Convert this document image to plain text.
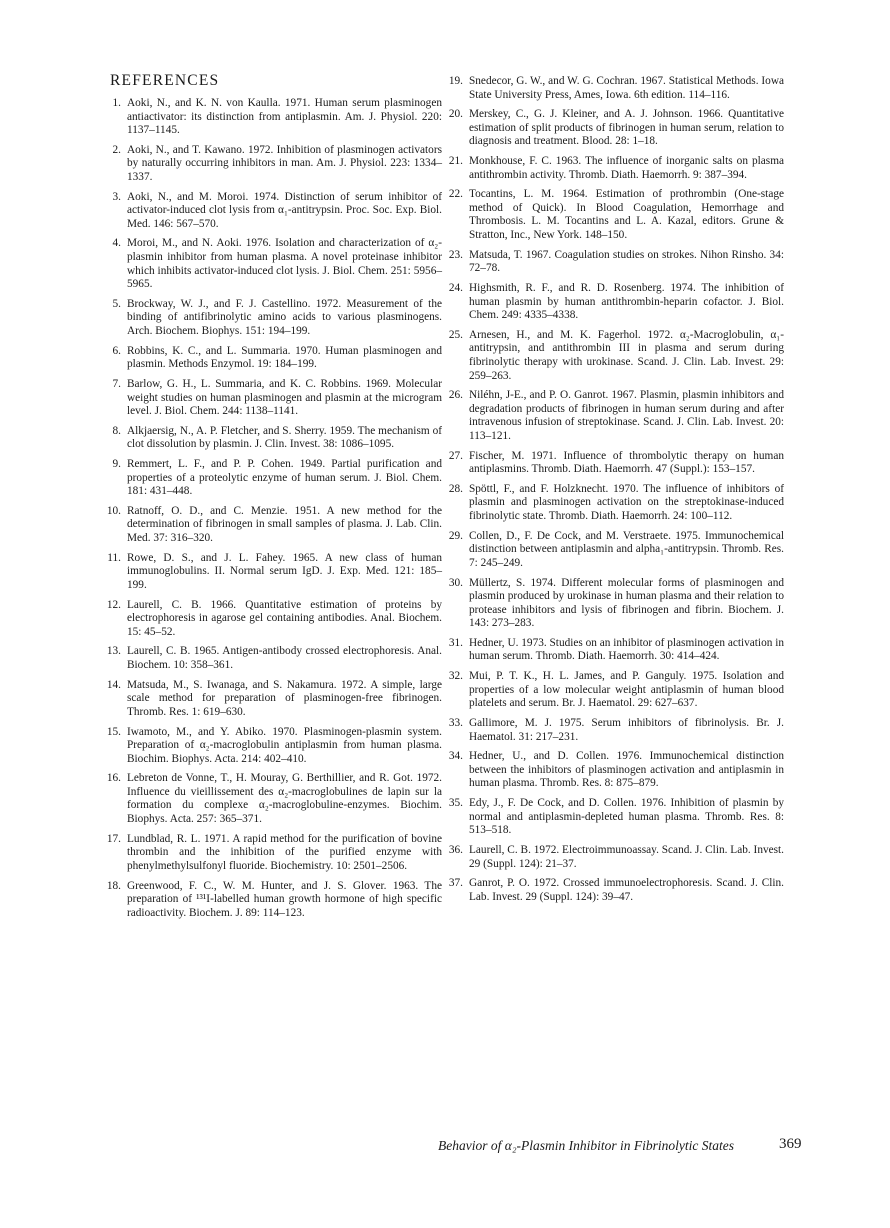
REFERENCES
1. Aoki, N., and K. N. von Kaulla. 1971. Human serum plasminogen antiactivator: its distinction from antiplasmin. Am. J. Physiol. 220: 1137–1145.
2. Aoki, N., and T. Kawano. 1972. Inhibition of plasminogen activators by naturally occurring inhibitors in man. Am. J. Physiol. 223: 1334–1337.
3. Aoki, N., and M. Moroi. 1974. Distinction of serum inhibitor of activator-induced clot lysis from α₁-antitrypsin. Proc. Soc. Exp. Biol. Med. 146: 567–570.
4. Moroi, M., and N. Aoki. 1976. Isolation and characterization of α₂-plasmin inhibitor from human plasma. A novel proteinase inhibitor which inhibits activator-induced clot lysis. J. Biol. Chem. 251: 5956–5965.
5. Brockway, W. J., and F. J. Castellino. 1972. Measurement of the binding of antifibrinolytic amino acids to various plasminogens. Arch. Biochem. Biophys. 151: 194–199.
6. Robbins, K. C., and L. Summaria. 1970. Human plasminogen and plasmin. Methods Enzymol. 19: 184–199.
7. Barlow, G. H., L. Summaria, and K. C. Robbins. 1969. Molecular weight studies on human plasminogen and plasmin at the microgram level. J. Biol. Chem. 244: 1138–1141.
8. Alkjaersig, N., A. P. Fletcher, and S. Sherry. 1959. The mechanism of clot dissolution by plasmin. J. Clin. Invest. 38: 1086–1095.
9. Remmert, L. F., and P. P. Cohen. 1949. Partial purification and properties of a proteolytic enzyme of human serum. J. Biol. Chem. 181: 431–448.
10. Ratnoff, O. D., and C. Menzie. 1951. A new method for the determination of fibrinogen in small samples of plasma. J. Lab. Clin. Med. 37: 316–320.
11. Rowe, D. S., and J. L. Fahey. 1965. A new class of human immunoglobulins. II. Normal serum IgD. J. Exp. Med. 121: 185–199.
12. Laurell, C. B. 1966. Quantitative estimation of proteins by electrophoresis in agarose gel containing antibodies. Anal. Biochem. 15: 45–52.
13. Laurell, C. B. 1965. Antigen-antibody crossed electrophoresis. Anal. Biochem. 10: 358–361.
14. Matsuda, M., S. Iwanaga, and S. Nakamura. 1972. A simple, large scale method for preparation of plasminogen-free fibrinogen. Thromb. Res. 1: 619–630.
15. Iwamoto, M., and Y. Abiko. 1970. Plasminogen-plasmin system. Preparation of α₂-macroglobulin antiplasmin from human plasma. Biochim. Biophys. Acta. 214: 402–410.
16. Lebreton de Vonne, T., H. Mouray, G. Berthillier, and R. Got. 1972. Influence du vieillissement des α₂-macroglobulines de lapin sur la formation du complexe α₂-macroglobuline-enzymes. Biochim. Biophys. Acta. 257: 365–371.
17. Lundblad, R. L. 1971. A rapid method for the purification of bovine thrombin and the inhibition of the purified enzyme with phenylmethylsulfonyl fluoride. Biochemistry. 10: 2501–2506.
18. Greenwood, F. C., W. M. Hunter, and J. S. Glover. 1963. The preparation of ¹³¹I-labelled human growth hormone of high specific radioactivity. Biochem. J. 89: 114–123.
19. Snedecor, G. W., and W. G. Cochran. 1967. Statistical Methods. Iowa State University Press, Ames, Iowa. 6th edition. 114–116.
20. Merskey, C., G. J. Kleiner, and A. J. Johnson. 1966. Quantitative estimation of split products of fibrinogen in human serum, relation to diagnosis and treatment. Blood. 28: 1–18.
21. Monkhouse, F. C. 1963. The influence of inorganic salts on plasma antithrombin activity. Thromb. Diath. Haemorrh. 9: 387–394.
22. Tocantins, L. M. 1964. Estimation of prothrombin (One-stage method of Quick). In Blood Coagulation, Hemorrhage and Thrombosis. L. M. Tocantins and L. A. Kazal, editors. Grune & Stratton, Inc., New York. 148–150.
23. Matsuda, T. 1967. Coagulation studies on strokes. Nihon Rinsho. 34: 72–78.
24. Highsmith, R. F., and R. D. Rosenberg. 1974. The inhibition of human plasmin by human antithrombin-heparin cofactor. J. Biol. Chem. 249: 4335–4338.
25. Arnesen, H., and M. K. Fagerhol. 1972. α₂-Macroglobulin, α₁-antitrypsin, and antithrombin III in plasma and serum during fibrinolytic therapy with urokinase. Scand. J. Clin. Lab. Invest. 29: 259–263.
26. Niléhn, J-E., and P. O. Ganrot. 1967. Plasmin, plasmin inhibitors and degradation products of fibrinogen in human serum during and after intravenous infusion of streptokinase. Scand. J. Clin. Lab. Invest. 20: 113–121.
27. Fischer, M. 1971. Influence of thrombolytic therapy on human antiplasmins. Thromb. Diath. Haemorrh. 47 (Suppl.): 153–157.
28. Spöttl, F., and F. Holzknecht. 1970. The influence of inhibitors of plasmin and plasminogen activation on the streptokinase-induced fibrinolytic state. Thromb. Diath. Haemorrh. 24: 100–112.
29. Collen, D., F. De Cock, and M. Verstraete. 1975. Immunochemical distinction between antiplasmin and alpha₁-antitrypsin. Thromb. Res. 7: 245–249.
30. Müllertz, S. 1974. Different molecular forms of plasminogen and plasmin produced by urokinase in human plasma and their relation to protease inhibitors and lysis of fibrinogen and fibrin. Biochem. J. 143: 273–283.
31. Hedner, U. 1973. Studies on an inhibitor of plasminogen activation in human serum. Thromb. Diath. Haemorrh. 30: 414–424.
32. Mui, P. T. K., H. L. James, and P. Ganguly. 1975. Isolation and properties of a low molecular weight antiplasmin of human blood platelets and serum. Br. J. Haematol. 29: 627–637.
33. Gallimore, M. J. 1975. Serum inhibitors of fibrinolysis. Br. J. Haematol. 31: 217–231.
34. Hedner, U., and D. Collen. 1976. Immunochemical distinction between the inhibitors of plasminogen activation and antiplasmin in human plasma. Thromb. Res. 8: 875–879.
35. Edy, J., F. De Cock, and D. Collen. 1976. Inhibition of plasmin by normal and antiplasmin-depleted human plasma. Thromb. Res. 8: 513–518.
36. Laurell, C. B. 1972. Electroimmunoassay. Scand. J. Clin. Lab. Invest. 29 (Suppl. 124): 21–37.
37. Ganrot, P. O. 1972. Crossed immunoelectrophoresis. Scand. J. Clin. Lab. Invest. 29 (Suppl. 124): 39–47.
Behavior of α₂-Plasmin Inhibitor in Fibrinolytic States	369
